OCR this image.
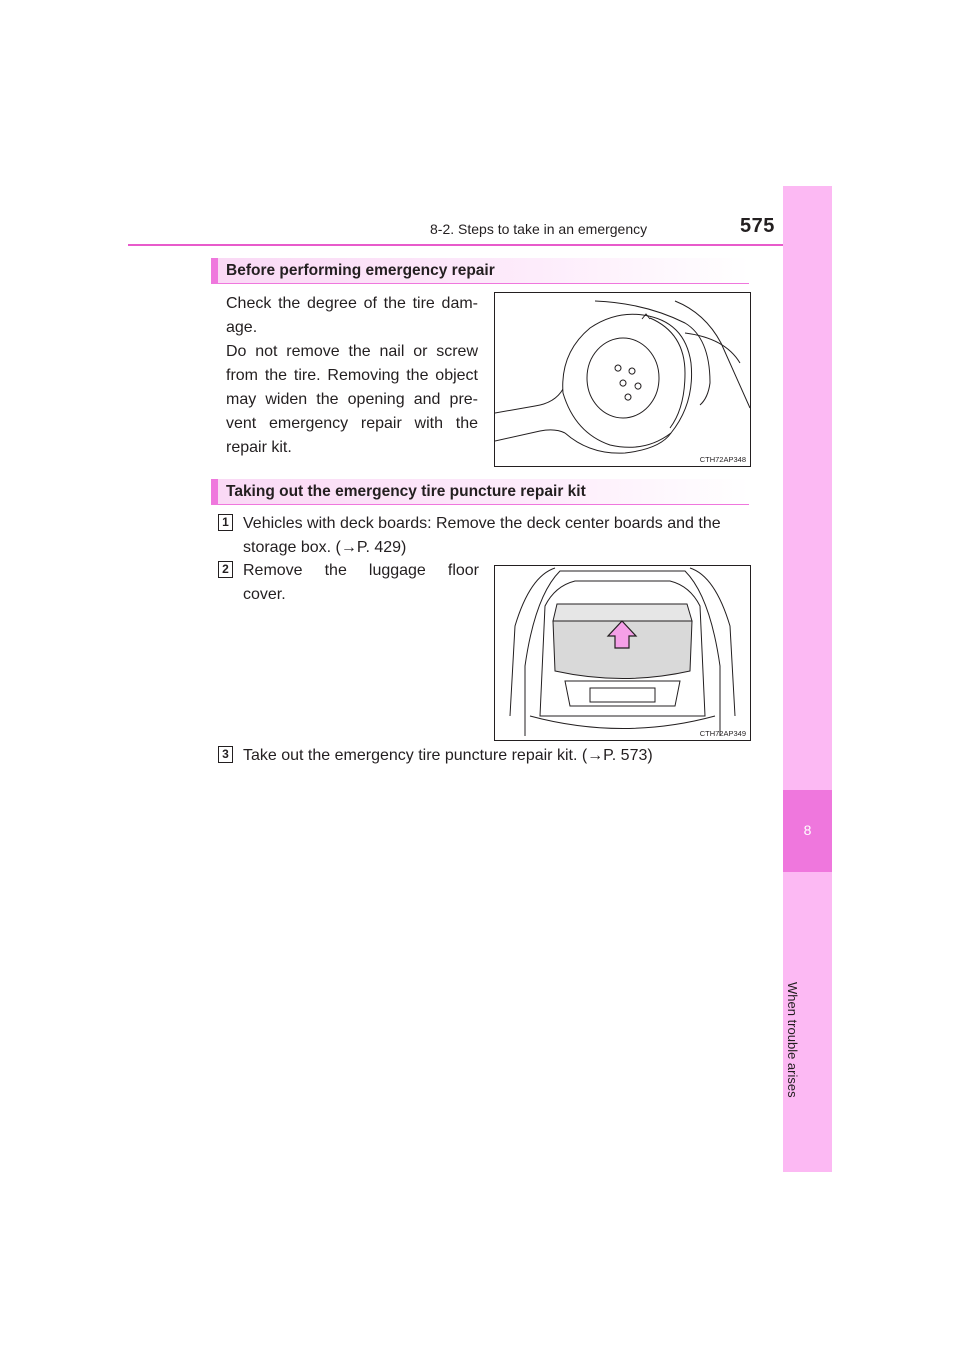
8-2. Steps to take in an emergency	575
8
When trouble arises
Before performing emergency repair
Check the degree of the tire dam-age.
Do not remove the nail or screw from the tire. Removing the object may widen the opening and pre-vent emergency repair with the repair kit.
CTH72AP348
Taking out the emergency tire puncture repair kit
1 Vehicles with deck boards: Remove the deck center boards and the storage box. (→P. 429)
2 Remove the luggage floor
cover.
CTH72AP349
3 Take out the emergency tire puncture repair kit. (→P. 573)
